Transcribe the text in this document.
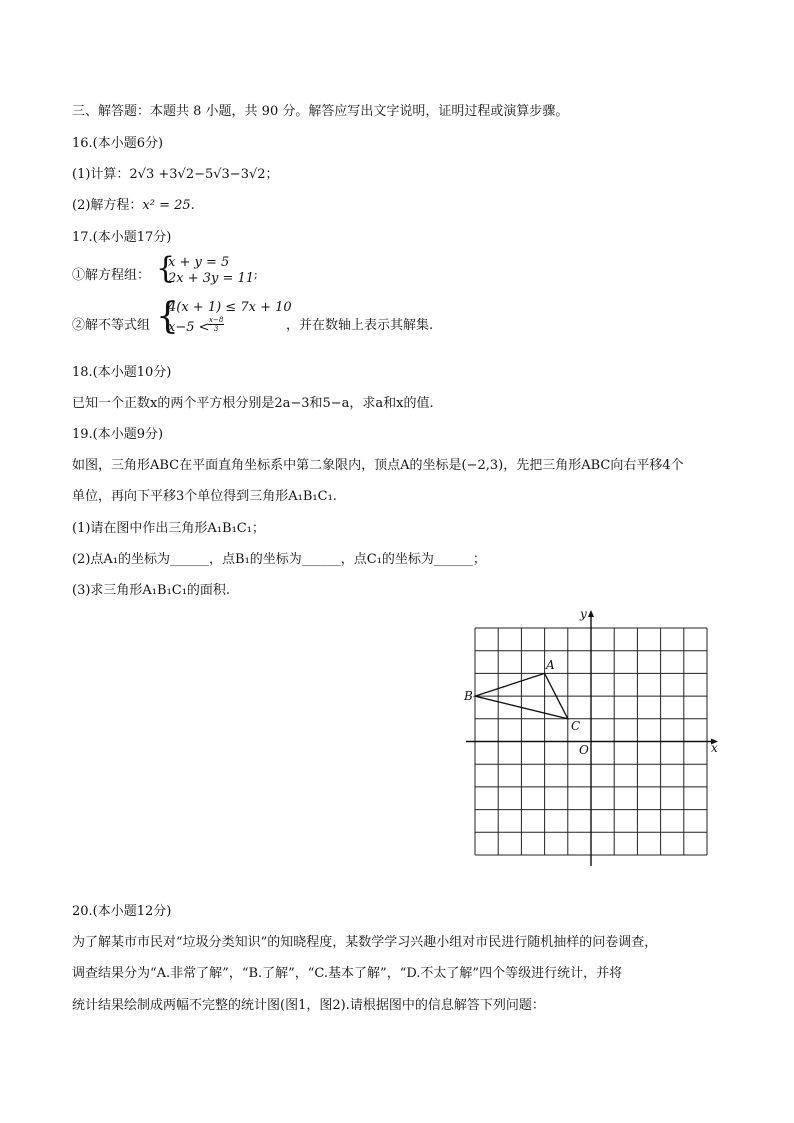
三、解答题：本题共 8 小题，共 90 分。解答应写出文字说明，证明过程或演算步骤。
16.(本小题6分)
(1)计算：2√3 +3√2−5√3−3√2；
(2)解方程：x² = 25.
17.(本小题17分)
①解方程组： {
x + y = 5
2x + 3y = 11 ;
②解不等式组 {
4(x + 1) ≤ 7x + 10
x−5 <
$\frac{x-8}{3}$	，并在数轴上表示其解集.
18.(本小题10分)
已知一个正数x的两个平方根分别是2a−3和5−a，求a和x的值.
19.(本小题9分)
如图，三角形ABC在平面直角坐标系中第二象限内，顶点A的坐标是(−2,3)，先把三角形ABC向右平移4个
单位，再向下平移3个单位得到三角形A₁B₁C₁.
(1)请在图中作出三角形A₁B₁C₁；
(2)点A₁的坐标为______，点B₁的坐标为______，点C₁的坐标为______；
(3)求三角形A₁B₁C₁的面积.
x
y
O
A
B
C
20.(本小题12分)
为了解某市市民对“垃圾分类知识”的知晓程度，某数学学习兴趣小组对市民进行随机抽样的问卷调查，
调查结果分为“A.非常了解”，“B.了解”，“C.基本了解”，“D.不太了解”四个等级进行统计，并将
统计结果绘制成两幅不完整的统计图(图1，图2).请根据图中的信息解答下列问题：
